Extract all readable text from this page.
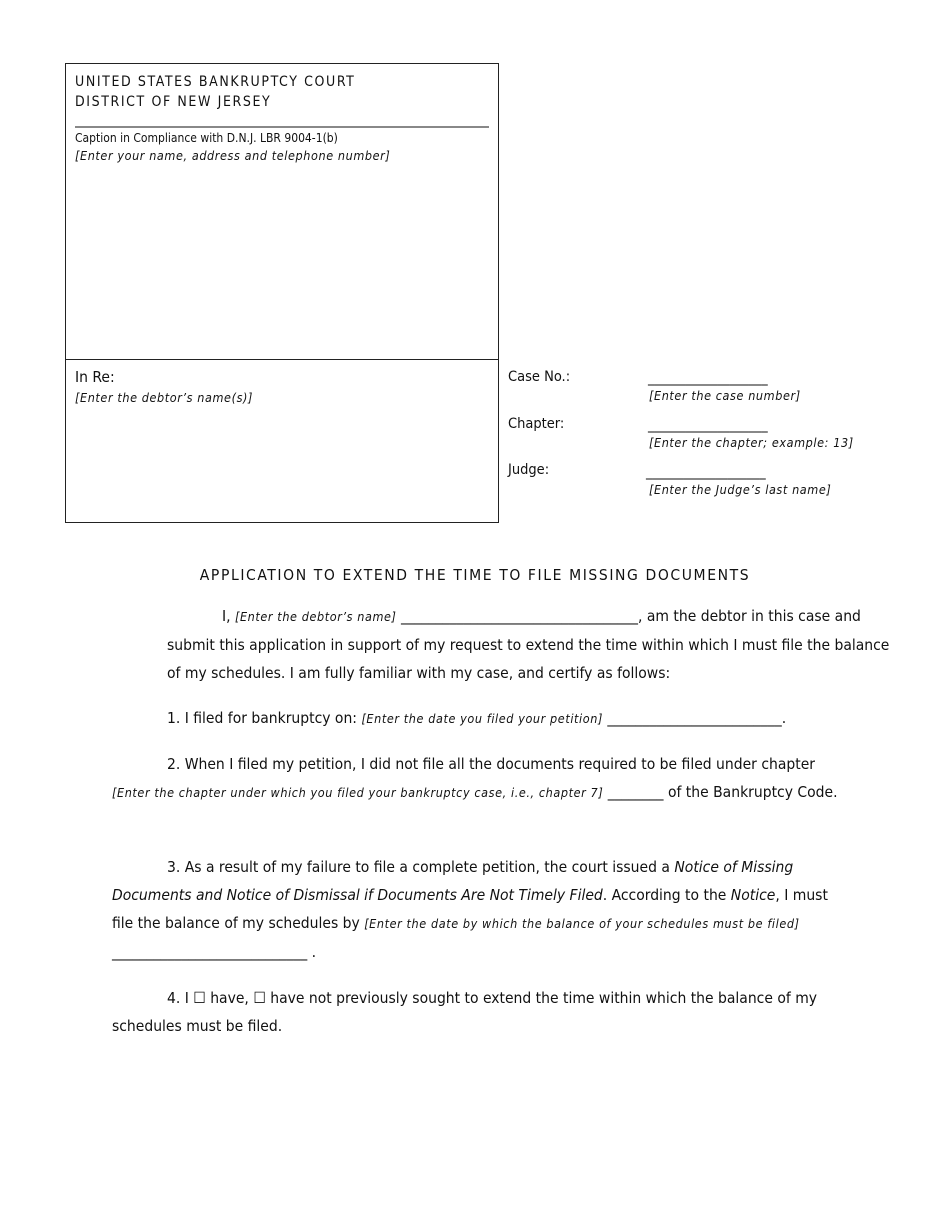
UNITED STATES BANKRUPTCY COURT
DISTRICT OF NEW JERSEY
Caption in Compliance with D.N.J. LBR 9004-1(b)
[Enter your name, address and telephone number]
In Re:
[Enter the debtor’s name(s)]
Case No.:	___________________
[Enter the case number]
Chapter:	___________________
[Enter the chapter; example: 13]
Judge:	___________________
[Enter the Judge’s last name]
APPLICATION TO EXTEND THE TIME TO FILE MISSING DOCUMENTS
I, [Enter the debtor’s name] __________________________________, am the debtor in this case and submit this application in support of my request to extend the time within which I must file the balance of my schedules. I am fully familiar with my case, and certify as follows:
1. I filed for bankruptcy on: [Enter the date you filed your petition] _________________________.
2. When I filed my petition, I did not file all the documents required to be filed under chapter [Enter the chapter under which you filed your bankruptcy case, i.e., chapter 7] ________ of the Bankruptcy Code.
3. As a result of my failure to file a complete petition, the court issued a Notice of Missing Documents and Notice of Dismissal if Documents Are Not Timely Filed. According to the Notice, I must file the balance of my schedules by [Enter the date by which the balance of your schedules must be filed] ____________________________ .
4. I ☐ have, ☐ have not previously sought to extend the time within which the balance of my schedules must be filed.
